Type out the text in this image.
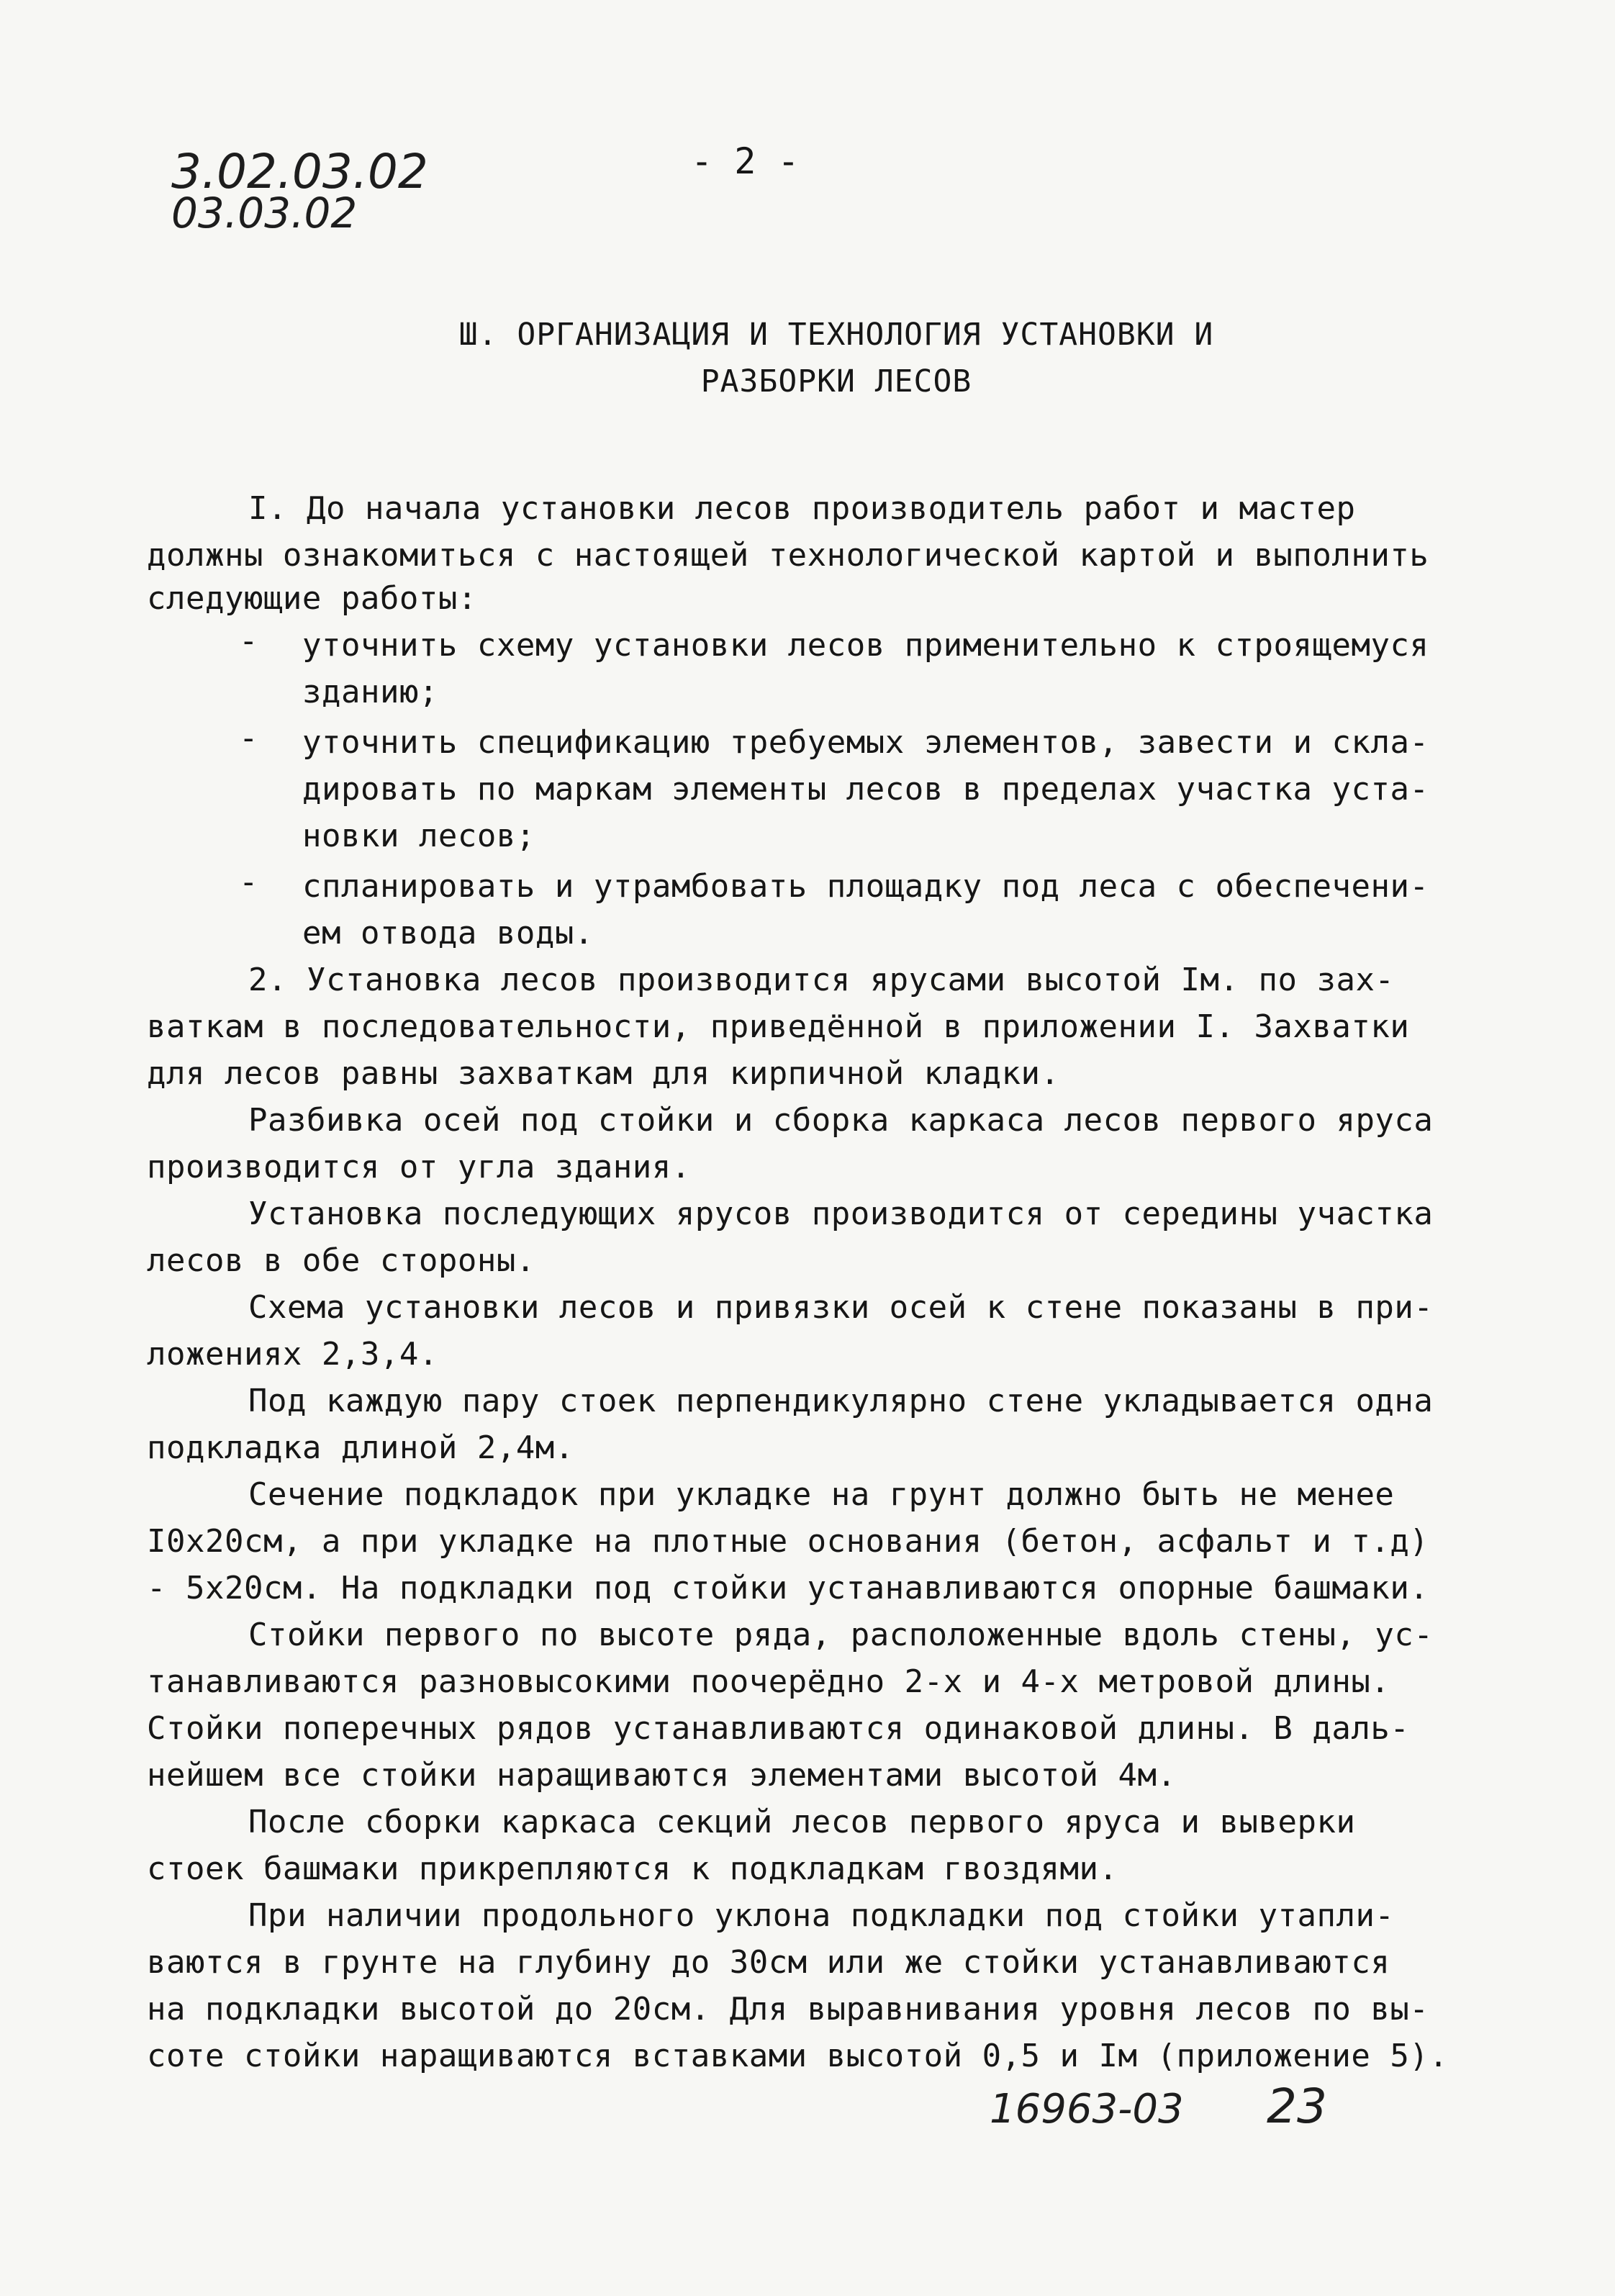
3.02.03.02
03.03.02
- 2 -
Ш. ОРГАНИЗАЦИЯ И ТЕХНОЛОГИЯ УСТАНОВКИ И
РАЗБОРКИ ЛЕСОВ
I. До начала установки лесов производитель работ и мастер
должны ознакомиться с настоящей технологической картой и выполнить
следующие работы:
- уточнить схему установки лесов применительно к строящемуся
зданию;
- уточнить спецификацию требуемых элементов, завести и скла-
дировать по маркам элементы лесов в пределах участка уста-
новки лесов;
- спланировать и утрамбовать площадку под леса с обеспечени-
ем отвода воды.
2. Установка лесов производится ярусами высотой Iм. по зах-
ваткам в последовательности, приведённой в приложении I. Захватки
для лесов равны захваткам для кирпичной кладки.
Разбивка осей под стойки и сборка каркаса лесов первого яруса
производится от угла здания.
Установка последующих ярусов производится от середины участка
лесов в обе стороны.
Схема установки лесов и привязки осей к стене показаны в при-
ложениях 2,3,4.
Под каждую пару стоек перпендикулярно стене укладывается одна
подкладка длиной 2,4м.
Сечение подкладок при укладке на грунт должно быть не менее
I0x20см, а при укладке на плотные основания (бетон, асфальт и т.д)
- 5x20см. На подкладки под стойки устанавливаются опорные башмаки.
Стойки первого по высоте ряда, расположенные вдоль стены, ус-
танавливаются разновысокими поочерёдно 2-х и 4-х метровой длины.
Стойки поперечных рядов устанавливаются одинаковой длины. В даль-
нейшем все стойки наращиваются элементами высотой 4м.
После сборки каркаса секций лесов первого яруса и выверки
стоек башмаки прикрепляются к подкладкам гвоздями.
При наличии продольного уклона подкладки под стойки утапли-
ваются в грунте на глубину до 30см или же стойки устанавливаются
на подкладки высотой до 20см. Для выравнивания уровня лесов по вы-
соте стойки наращиваются вставками высотой 0,5 и Iм (приложение 5).
16963-03 23
